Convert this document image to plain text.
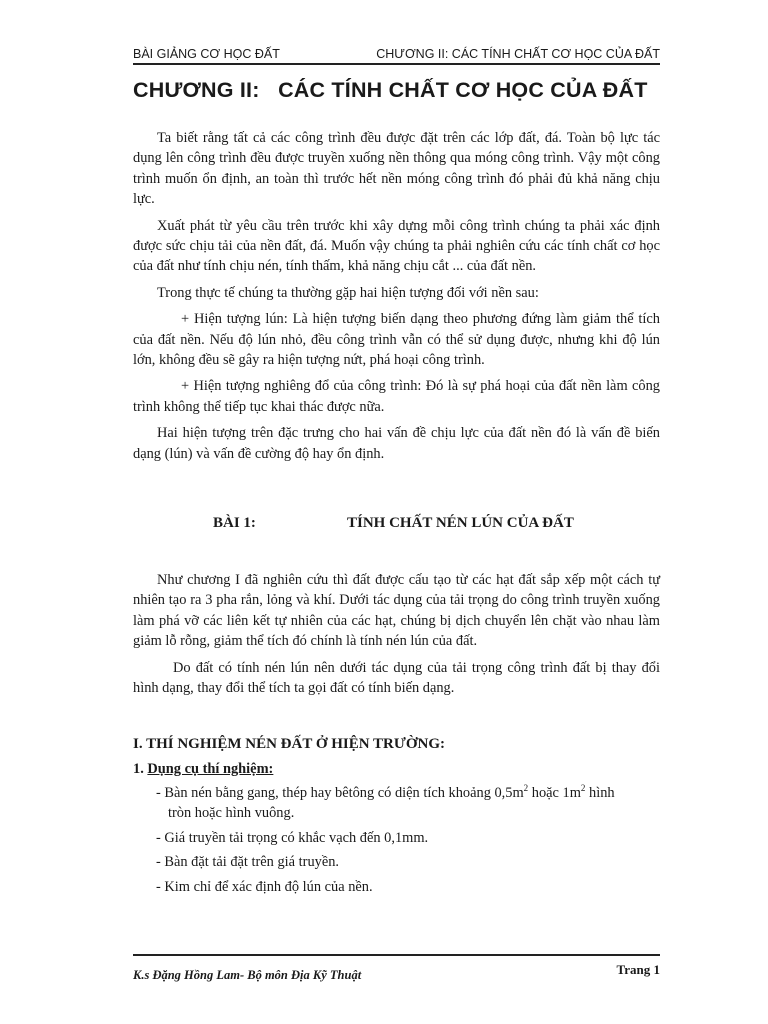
BÀI GIẢNG CƠ HỌC ĐẤT	CHƯƠNG II: CÁC TÍNH CHẤT CƠ HỌC CỦA ĐẤT
CHƯƠNG II:   CÁC TÍNH CHẤT CƠ HỌC CỦA ĐẤT

Ta biết rằng tất cả các công trình đều được đặt trên các lớp đất, đá. Toàn bộ lực tác dụng lên công trình đều được truyền xuống nền thông qua móng công trình. Vậy một công trình muốn ổn định, an toàn thì trước hết nền móng công trình đó phải đủ khả năng chịu lực.

Xuất phát từ yêu cầu trên trước khi xây dựng mỗi công trình chúng ta phải xác định được sức chịu tải của nền đất, đá. Muốn vậy chúng ta phải nghiên cứu các tính chất cơ học của đất như tính chịu nén, tính thấm, khả năng chịu cắt ... của đất nền.

Trong thực tế chúng ta thường gặp hai hiện tượng đối với nền sau:

+ Hiện tượng lún: Là hiện tượng biến dạng theo phương đứng làm giảm thể tích của đất nền. Nếu độ lún nhỏ, đều công trình vẫn có thể sử dụng được, nhưng khi độ lún lớn, không đều sẽ gây ra hiện tượng nứt, phá hoại công trình.

+ Hiện tượng nghiêng đổ của công trình: Đó là sự phá hoại của đất nền làm công trình không thể tiếp tục khai thác được nữa.

Hai hiện tượng trên đặc trưng cho hai vấn đề chịu lực của đất nền đó là vấn đề biến dạng (lún) và vấn đề cường độ hay ổn định.

BÀI 1:	TÍNH CHẤT NÉN LÚN CỦA ĐẤT

Như chương I đã nghiên cứu thì đất được cấu tạo từ các hạt đất sắp xếp một cách tự nhiên tạo ra 3 pha rắn, lỏng và khí. Dưới tác dụng của tải trọng do công trình truyền xuống làm phá vỡ các liên kết tự nhiên của các hạt, chúng bị dịch chuyển lên chặt vào nhau làm giảm lỗ rỗng, giảm thể tích đó chính là tính nén lún của đất.

Do đất có tính nén lún nên dưới tác dụng của tải trọng công trình đất bị thay đổi hình dạng, thay đổi thể tích ta gọi đất có tính biến dạng.

I. THÍ NGHIỆM NÉN ĐẤT Ở HIỆN TRƯỜNG:
1. Dụng cụ thí nghiệm:
- Bàn nén bằng gang, thép hay bêtông có diện tích khoảng $0,5m^2$ hoặc $1m^2$ hình
tròn hoặc hình vuông.
- Giá truyền tải trọng có khắc vạch đến 0,1mm.
- Bàn đặt tải đặt trên giá truyền.
- Kim chỉ để xác định độ lún của nền.
K.s Đặng Hồng Lam- Bộ môn Địa Kỹ Thuật	Trang 1
